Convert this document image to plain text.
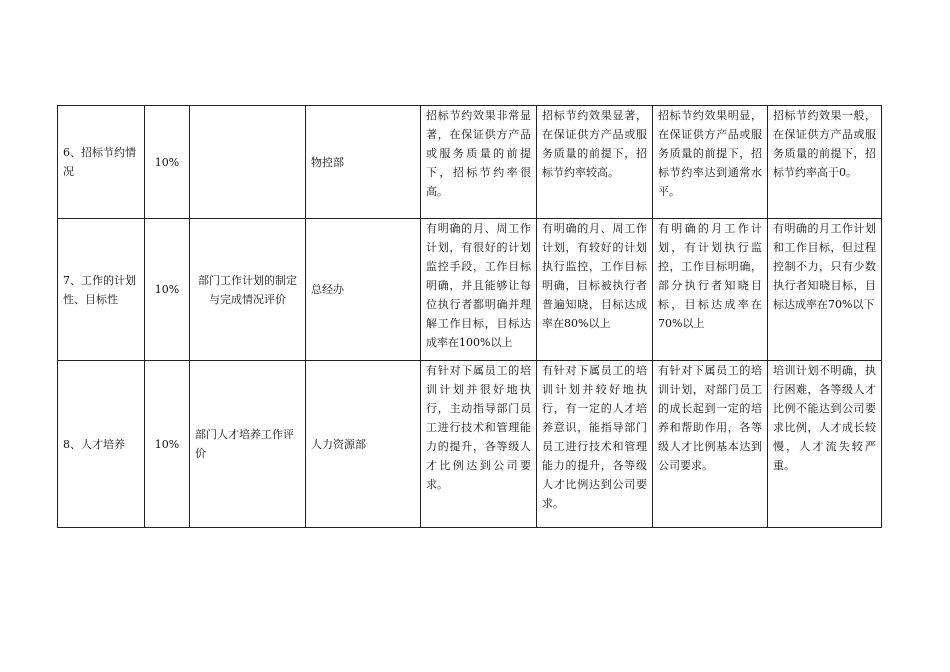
6、招标节约情况	10%		物控部	招标节约效果非常显著，在保证供方产品或服务质量的前提下，招标节约率很高。	招标节约效果显著，在保证供方产品或服务质量的前提下，招标节约率较高。	招标节约效果明显，在保证供方产品或服务质量的前提下，招标节约率达到通常水平。	招标节约效果一般，在保证供方产品或服务质量的前提下，招标节约率高于0。

7、工作的计划性、目标性	10%	部门工作计划的制定与完成情况评价	总经办	有明确的月、周工作计划，有很好的计划监控手段，工作目标明确，并且能够让每位执行者都明确并理解工作目标，目标达成率在100%以上	有明确的月、周工作计划，有较好的计划执行监控，工作目标明确，目标被执行者普遍知晓，目标达成率在80%以上	有明确的月工作计划，有计划执行监控，工作目标明确，部分执行者知晓目标，目标达成率在70%以上	有明确的月工作计划和工作目标，但过程控制不力，只有少数执行者知晓目标，目标达成率在70%以下

8、人才培养	10%	部门人才培养工作评价	人力资源部	有针对下属员工的培训计划并很好地执行，主动指导部门员工进行技术和管理能力的提升，各等级人才比例达到公司要求。	有针对下属员工的培训计划并较好地执行，有一定的人才培养意识，能指导部门员工进行技术和管理能力的提升，各等级人才比例达到公司要求。	有针对下属员工的培训计划，对部门员工的成长起到一定的培养和帮助作用，各等级人才比例基本达到公司要求。	培训计划不明确，执行困难，各等级人才比例不能达到公司要求比例，人才成长较慢，人才流失较严重。
